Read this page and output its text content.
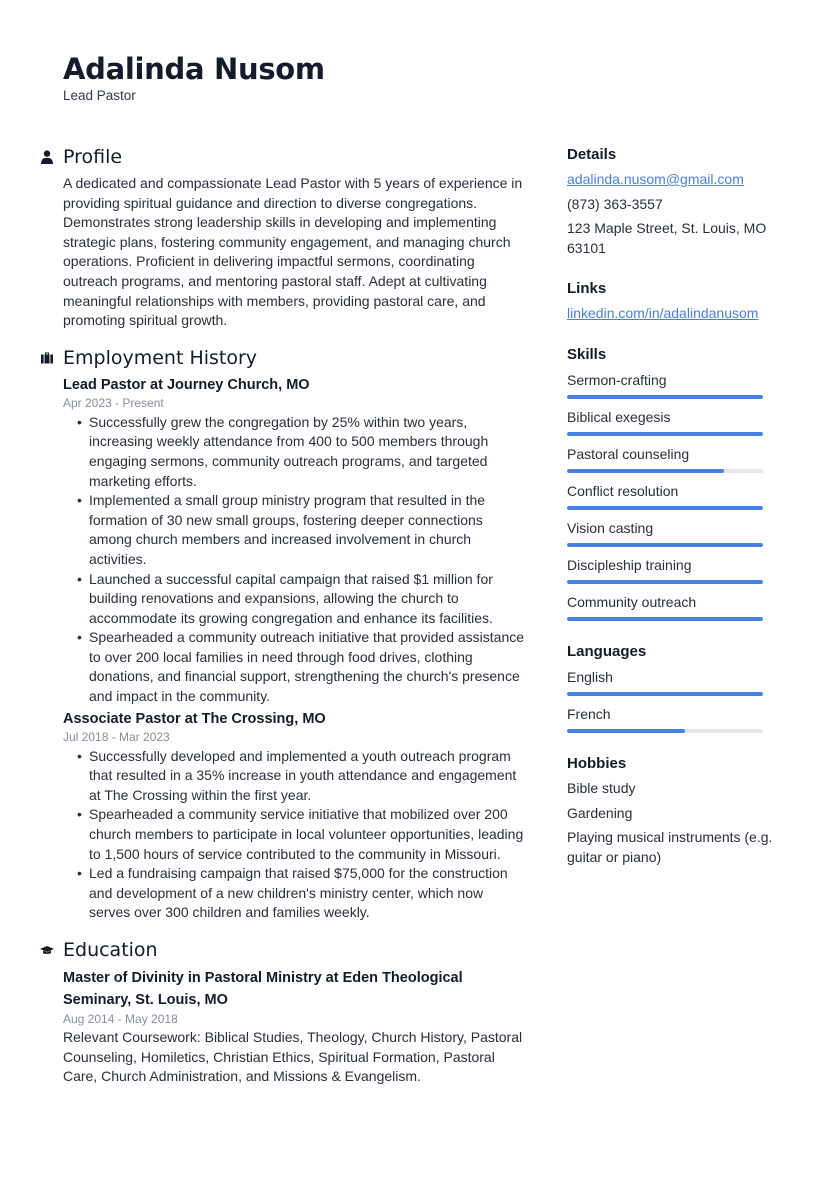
Adalinda Nusom
Lead Pastor
Profile

A dedicated and compassionate Lead Pastor with 5 years of experience in providing spiritual guidance and direction to diverse congregations. Demonstrates strong leadership skills in developing and implementing strategic plans, fostering community engagement, and managing church operations. Proficient in delivering impactful sermons, coordinating outreach programs, and mentoring pastoral staff. Adept at cultivating meaningful relationships with members, providing pastoral care, and promoting spiritual growth.

Employment History
Lead Pastor at Journey Church, MO
Apr 2023 - Present
• Successfully grew the congregation by 25% within two years, increasing weekly attendance from 400 to 500 members through engaging sermons, community outreach programs, and targeted marketing efforts.
• Implemented a small group ministry program that resulted in the formation of 30 new small groups, fostering deeper connections among church members and increased involvement in church activities.
• Launched a successful capital campaign that raised $1 million for building renovations and expansions, allowing the church to accommodate its growing congregation and enhance its facilities.
• Spearheaded a community outreach initiative that provided assistance to over 200 local families in need through food drives, clothing donations, and financial support, strengthening the church's presence and impact in the community.
Associate Pastor at The Crossing, MO
Jul 2018 - Mar 2023
• Successfully developed and implemented a youth outreach program that resulted in a 35% increase in youth attendance and engagement at The Crossing within the first year.
• Spearheaded a community service initiative that mobilized over 200 church members to participate in local volunteer opportunities, leading to 1,500 hours of service contributed to the community in Missouri.
• Led a fundraising campaign that raised $75,000 for the construction and development of a new children's ministry center, which now serves over 300 children and families weekly.
Education
Master of Divinity in Pastoral Ministry at Eden Theological Seminary, St. Louis, MO
Aug 2014 - May 2018

Relevant Coursework: Biblical Studies, Theology, Church History, Pastoral Counseling, Homiletics, Christian Ethics, Spiritual Formation, Pastoral Care, Church Administration, and Missions & Evangelism.

Details
adalinda.nusom@gmail.com
(873) 363-3557
123 Maple Street, St. Louis, MO 63101
Links
linkedin.com/in/adalindanusom
Skills
Sermon-crafting
Biblical exegesis
Pastoral counseling
Conflict resolution
Vision casting
Discipleship training
Community outreach
Languages
English
French
Hobbies
Bible study
Gardening
Playing musical instruments (e.g. guitar or piano)
